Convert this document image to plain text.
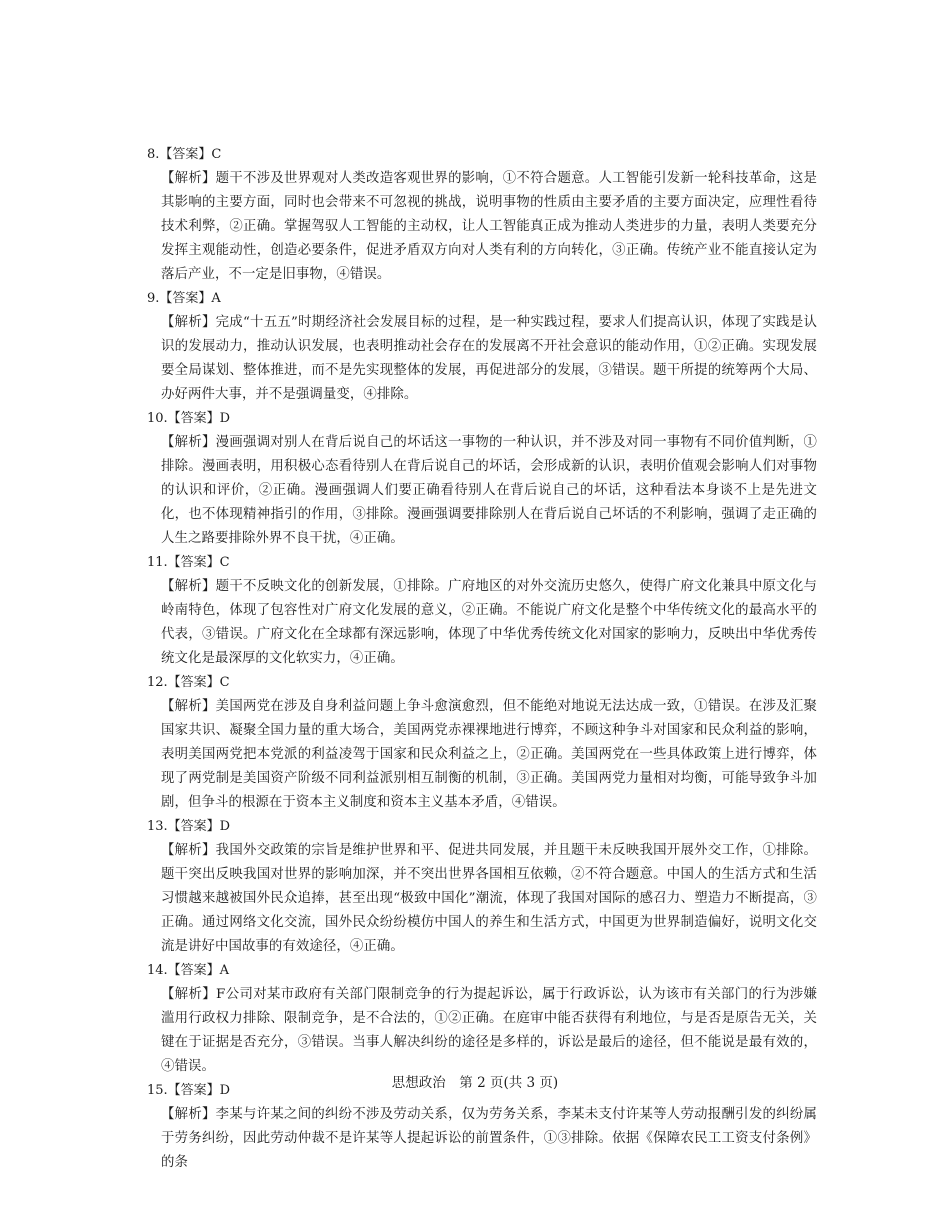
8.【答案】C
【解析】题干不涉及世界观对人类改造客观世界的影响，①不符合题意。人工智能引发新一轮科技革命，这是其影响的主要方面，同时也会带来不可忽视的挑战，说明事物的性质由主要矛盾的主要方面决定，应理性看待技术利弊，②正确。掌握驾驭人工智能的主动权，让人工智能真正成为推动人类进步的力量，表明人类要充分发挥主观能动性，创造必要条件，促进矛盾双方向对人类有利的方向转化，③正确。传统产业不能直接认定为落后产业，不一定是旧事物，④错误。
9.【答案】A
【解析】完成“十五五”时期经济社会发展目标的过程，是一种实践过程，要求人们提高认识，体现了实践是认识的发展动力，推动认识发展，也表明推动社会存在的发展离不开社会意识的能动作用，①②正确。实现发展要全局谋划、整体推进，而不是先实现整体的发展，再促进部分的发展，③错误。题干所提的统筹两个大局、办好两件大事，并不是强调量变，④排除。
10.【答案】D
【解析】漫画强调对别人在背后说自己的坏话这一事物的一种认识，并不涉及对同一事物有不同价值判断，①排除。漫画表明，用积极心态看待别人在背后说自己的坏话，会形成新的认识，表明价值观会影响人们对事物的认识和评价，②正确。漫画强调人们要正确看待别人在背后说自己的坏话，这种看法本身谈不上是先进文化，也不体现精神指引的作用，③排除。漫画强调要排除别人在背后说自己坏话的不利影响，强调了走正确的人生之路要排除外界不良干扰，④正确。
11.【答案】C
【解析】题干不反映文化的创新发展，①排除。广府地区的对外交流历史悠久，使得广府文化兼具中原文化与岭南特色，体现了包容性对广府文化发展的意义，②正确。不能说广府文化是整个中华传统文化的最高水平的代表，③错误。广府文化在全球都有深远影响，体现了中华优秀传统文化对国家的影响力，反映出中华优秀传统文化是最深厚的文化软实力，④正确。
12.【答案】C
【解析】美国两党在涉及自身利益问题上争斗愈演愈烈，但不能绝对地说无法达成一致，①错误。在涉及汇聚国家共识、凝聚全国力量的重大场合，美国两党赤裸裸地进行博弈，不顾这种争斗对国家和民众利益的影响，表明美国两党把本党派的利益凌驾于国家和民众利益之上，②正确。美国两党在一些具体政策上进行博弈，体现了两党制是美国资产阶级不同利益派别相互制衡的机制，③正确。美国两党力量相对均衡，可能导致争斗加剧，但争斗的根源在于资本主义制度和资本主义基本矛盾，④错误。
13.【答案】D
【解析】我国外交政策的宗旨是维护世界和平、促进共同发展，并且题干未反映我国开展外交工作，①排除。题干突出反映我国对世界的影响加深，并不突出世界各国相互依赖，②不符合题意。中国人的生活方式和生活习惯越来越被国外民众追捧，甚至出现“极致中国化”潮流，体现了我国对国际的感召力、塑造力不断提高，③正确。通过网络文化交流，国外民众纷纷模仿中国人的养生和生活方式，中国更为世界制造偏好，说明文化交流是讲好中国故事的有效途径，④正确。
14.【答案】A
【解析】F公司对某市政府有关部门限制竞争的行为提起诉讼，属于行政诉讼，认为该市有关部门的行为涉嫌滥用行政权力排除、限制竞争，是不合法的，①②正确。在庭审中能否获得有利地位，与是否是原告无关，关键在于证据是否充分，③错误。当事人解决纠纷的途径是多样的，诉讼是最后的途径，但不能说是最有效的，④错误。
15.【答案】D
【解析】李某与许某之间的纠纷不涉及劳动关系，仅为劳务关系，李某未支付许某等人劳动报酬引发的纠纷属于劳务纠纷，因此劳动仲裁不是许某等人提起诉讼的前置条件，①③排除。依据《保障农民工工资支付条例》的条
思想政治　第 2 页(共 3 页)
